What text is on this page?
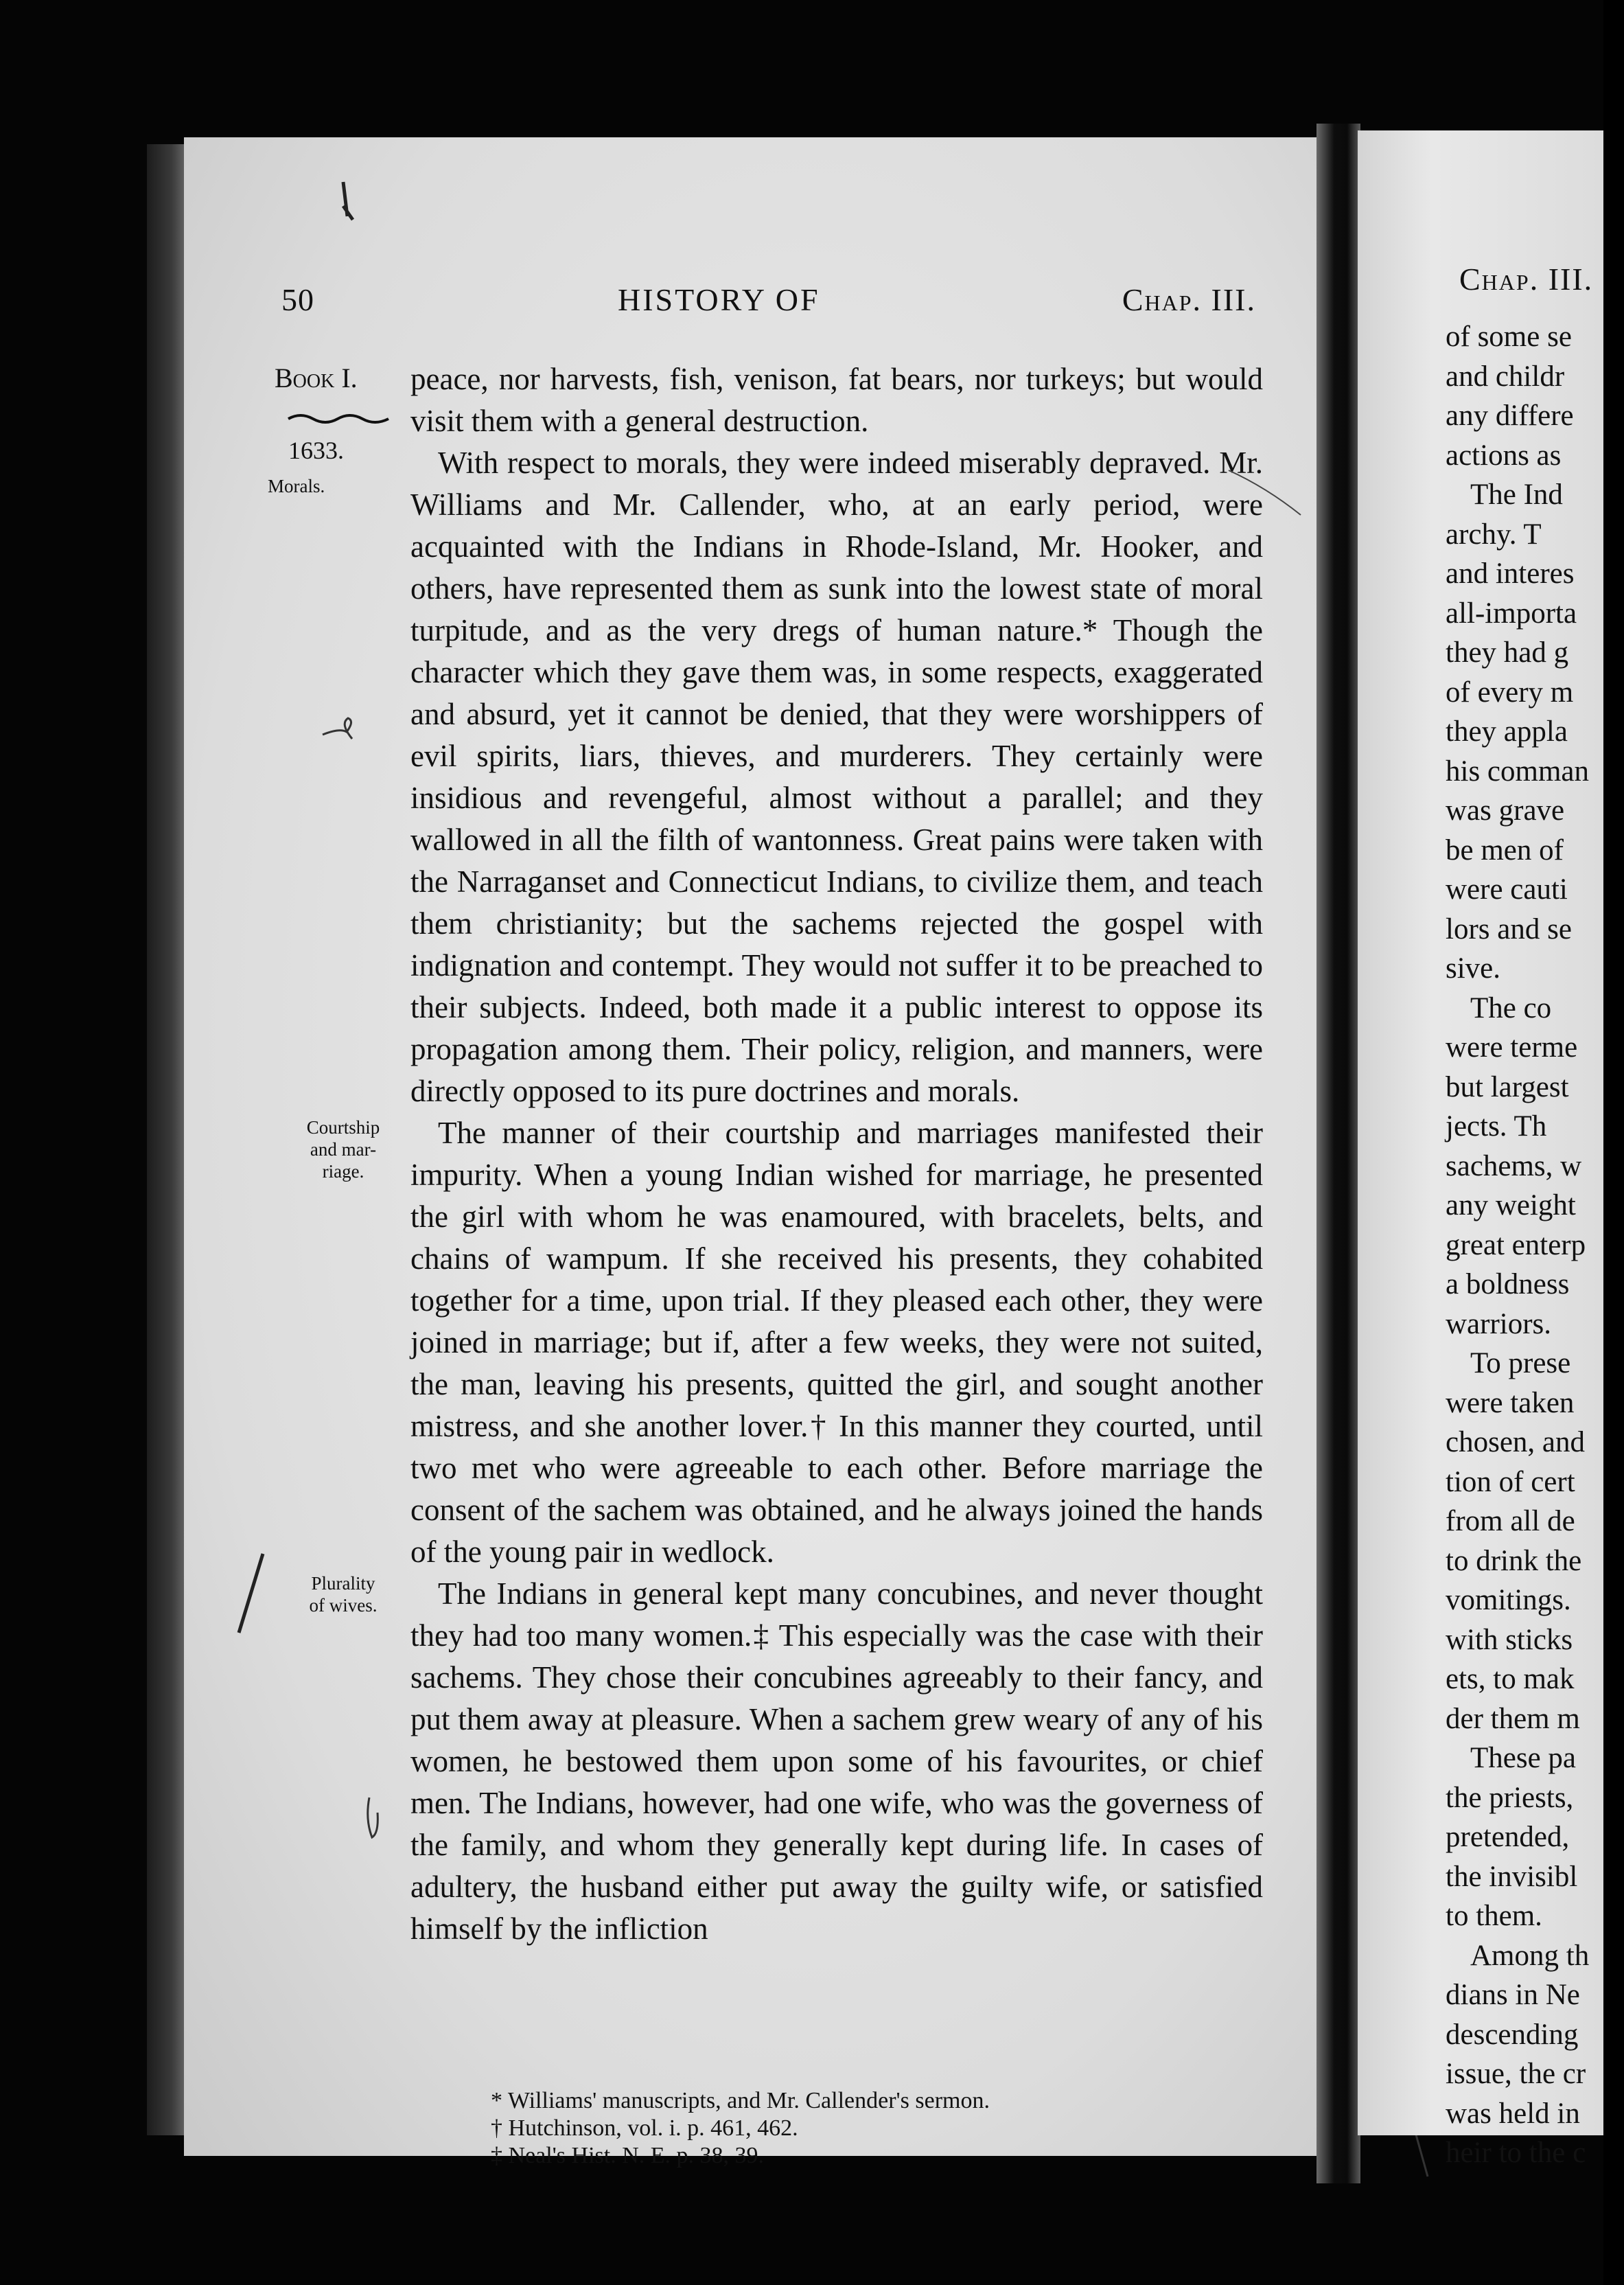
50	HISTORY OF	Chap. III.
Book I.
1633.
Morals.
Courtship
and mar-
riage.
Plurality
of wives.

peace, nor harvests, fish, venison, fat bears, nor turkeys; but would visit them with a general destruction.

With respect to morals, they were indeed miserably depraved. Mr. Williams and Mr. Callender, who, at an early period, were acquainted with the Indians in Rhode-Island, Mr. Hooker, and others, have represented them as sunk into the lowest state of moral turpitude, and as the very dregs of human nature.* Though the character which they gave them was, in some respects, exaggerated and absurd, yet it cannot be denied, that they were worshippers of evil spirits, liars, thieves, and murderers. They certainly were insidious and revengeful, almost without a parallel; and they wallowed in all the filth of wantonness. Great pains were taken with the Narraganset and Connecticut Indians, to civilize them, and teach them christianity; but the sachems rejected the gospel with indignation and contempt. They would not suffer it to be preached to their subjects. Indeed, both made it a public interest to oppose its propagation among them. Their policy, religion, and manners, were directly opposed to its pure doctrines and morals.

The manner of their courtship and marriages manifested their impurity. When a young Indian wished for marriage, he presented the girl with whom he was enamoured, with bracelets, belts, and chains of wampum. If she received his presents, they cohabited together for a time, upon trial. If they pleased each other, they were joined in marriage; but if, after a few weeks, they were not suited, the man, leaving his presents, quitted the girl, and sought another mistress, and she another lover.† In this manner they courted, until two met who were agreeable to each other. Before marriage the consent of the sachem was obtained, and he always joined the hands of the young pair in wedlock.

The Indians in general kept many concubines, and never thought they had too many women.‡ This especially was the case with their sachems. They chose their concubines agreeably to their fancy, and put them away at pleasure. When a sachem grew weary of any of his women, he bestowed them upon some of his favourites, or chief men. The Indians, however, had one wife, who was the governess of the family, and whom they generally kept during life. In cases of adultery, the husband either put away the guilty wife, or satisfied himself by the infliction

* Williams' manuscripts, and Mr. Callender's sermon.

† Hutchinson, vol. i. p. 461, 462.

‡ Neal's Hist. N. E. p. 38, 39.

Chap. III.
of some se
and childr
any differe
actions as
The Ind
archy. T
and interes
all-importa
they had g
of every m
they appla
his comman
was grave
be men of
were cauti
lors and se
sive.
The co
were terme
but largest
jects. Th
sachems, w
any weight
great enterp
a boldness
warriors.
To prese
were taken
chosen, and
tion of cert
from all de
to drink the
vomitings.
with sticks
ets, to mak
der them m
These pa
the priests,
pretended,
the invisibl
to them.
Among th
dians in Ne
descending
issue, the cr
was held in
heir to the c
